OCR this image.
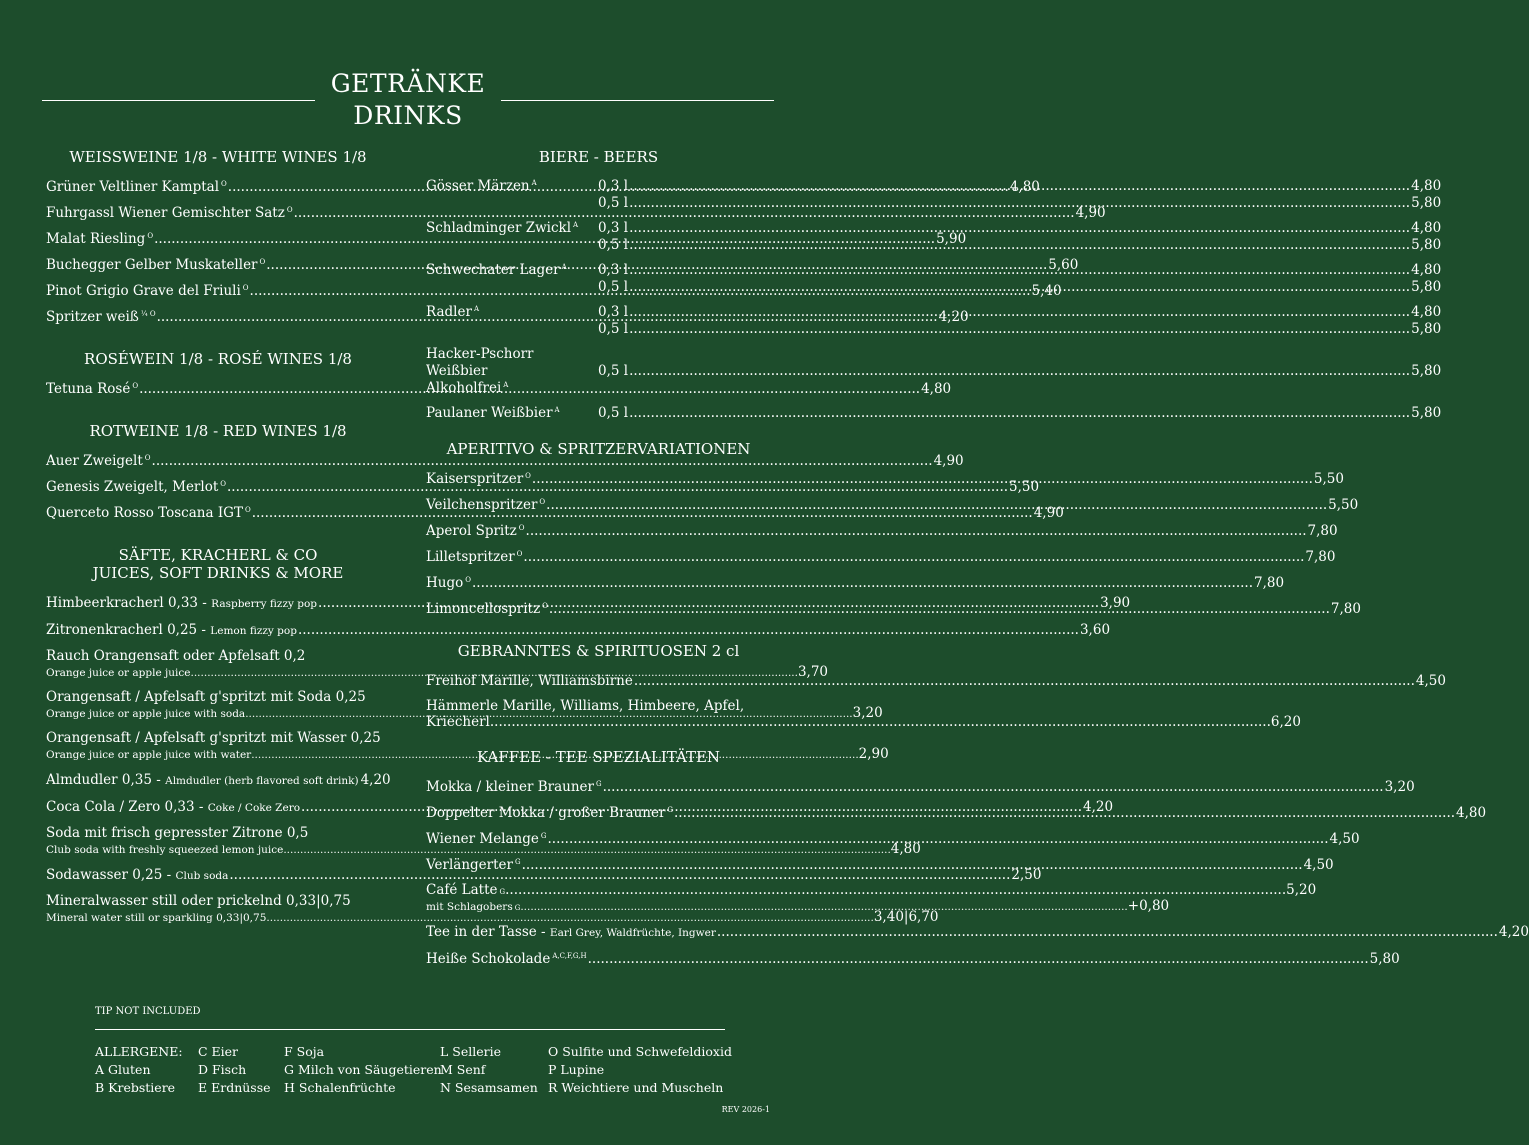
GETRÄNKE
DRINKS
WEISSWEINE 1/8 - WHITE WINES 1/8
Grüner Veltliner Kamptal $^O$ .....	4,80
Fuhrgassl Wiener Gemischter Satz $^O$ .....	4,90
Malat Riesling $^O$ .....	5,90
Buchegger Gelber Muskateller $^O$ .....	5,60
Pinot Grigio Grave del Friuli $^O$ .....	5,40
Spritzer weiß $^{\frac{1}{4} O}$ .....	4,20
ROSÉWEIN 1/8 - ROSÉ WINES 1/8
Tetuna Rosé $^O$ .....	4,80
ROTWEINE 1/8 - RED WINES 1/8
Auer Zweigelt $^O$ .....	4,90
Genesis Zweigelt, Merlot $^O$ .....	5,50
Querceto Rosso Toscana IGT $^O$ .....	4,90
SÄFTE, KRACHERL & CO
JUICES, SOFT DRINKS & MORE
Himbeerkracherl 0,33 - Raspberry fizzy pop .....	3,90
Zitronenkracherl 0,25 - Lemon fizzy pop .....	3,60
Rauch Orangensaft oder Apfelsaft 0,2
Orange juice or apple juice .....	3,70
Orangensaft / Apfelsaft g'spritzt mit Soda 0,25
Orange juice or apple juice with soda .....	3,20
Orangensaft / Apfelsaft g'spritzt mit Wasser 0,25
Orange juice or apple juice with water .....	2,90
Almdudler 0,35 - Almdudler (herb flavored soft drink) 4,20
Coca Cola / Zero 0,33 - Coke / Coke Zero .....	4,20
Soda mit frisch gepresster Zitrone 0,5
Club soda with freshly squeezed lemon juice .....	4,80
Sodawasser 0,25 - Club soda .....	2,50
Mineralwasser still oder prickelnd 0,33|0,75
Mineral water still or sparkling 0,33|0,75 .....	3,40|6,70
BIERE - BEERS
Gösser Märzen $^A$	0,3 l .....	4,80
0,5 l .....	5,80
Schladminger Zwickl $^A$	0,3 l .....	4,80
0,5 l .....	5,80
Schwechater Lager $^A$	0,3 l .....	4,80
0,5 l .....	5,80
Radler $^A$	0,3 l .....	4,80
0,5 l .....	5,80
Hacker-Pschorr Weißbier
Alkoholfrei $^A$
0,5 l .....	5,80
Paulaner Weißbier $^A$	0,5 l .....	5,80
APERITIVO & SPRITZERVARIATIONEN
Kaiserspritzer $^O$ .....	5,50
Veilchenspritzer $^O$ .....	5,50
Aperol Spritz $^O$ .....	7,80
Lilletspritzer $^O$ .....	7,80
Hugo $^O$ .....	7,80
Limoncellospritz $^O$ .....	7,80
GEBRANNTES & SPIRITUOSEN 2 cl
Freihof Marille, Williamsbirne .....	4,50
Hämmerle Marille, Williams, Himbeere, Apfel,
Kriecherl .....	6,20
KAFFEE - TEE SPEZIALITÄTEN
Mokka / kleiner Brauner $^G$ .....	3,20
Doppelter Mokka / großer Brauner $^G$ .....	4,80
Wiener Melange $^G$ .....	4,50
Verlängerter $^G$ .....	4,50
Café Latte G .....	5,20
mit Schlagobers G .....	+0,80
Tee in der Tasse - Earl Grey, Waldfrüchte, Ingwer .....	4,20
Heiße Schokolade $^{A,C,F,G,H}$ .....	5,80
TIP NOT INCLUDED
ALLERGENE:
A Gluten
B Krebstiere
C Eier
D Fisch
E Erdnüsse
F Soja
G Milch von Säugetieren
H Schalenfrüchte
L Sellerie
M Senf
N Sesamsamen
O Sulfite und Schwefeldioxid
P Lupine
R Weichtiere und Muscheln
REV 2026-1
